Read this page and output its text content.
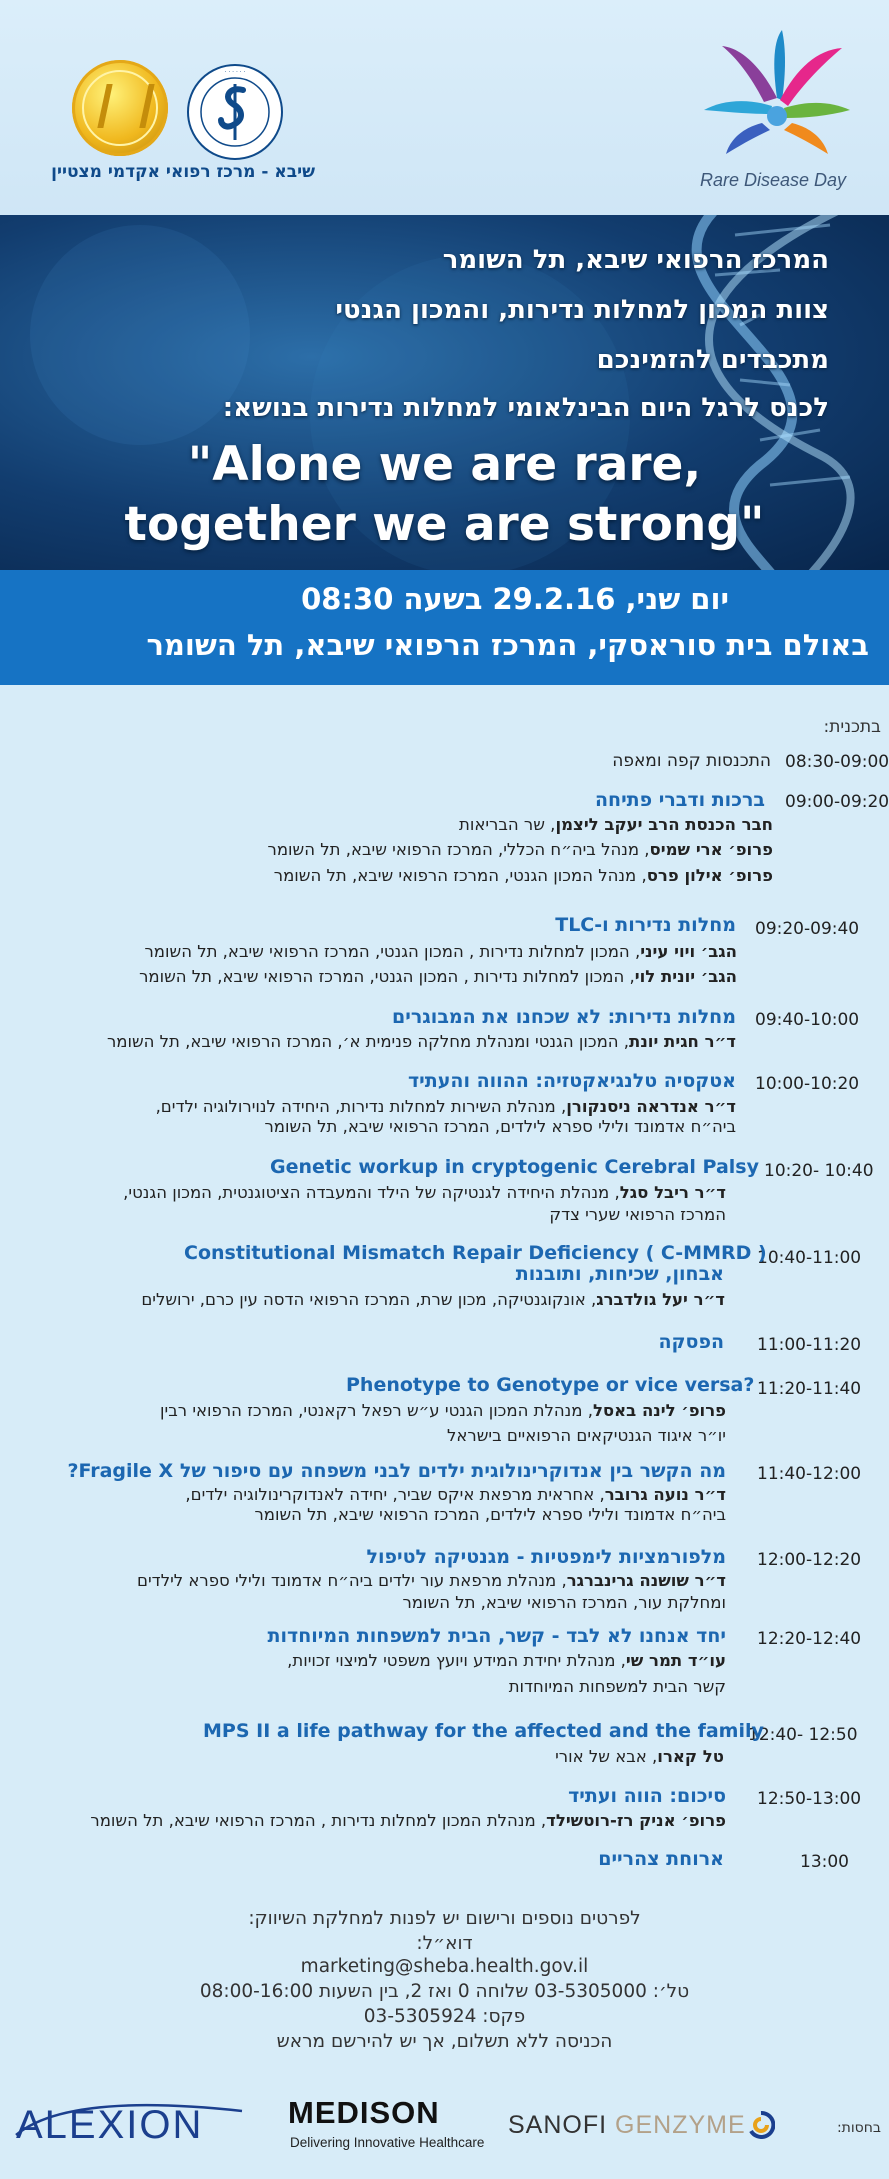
· · · · · ·
שיבא - מרכז רפואי אקדמי מצטיין	Rare Disease Day
המרכז הרפואי שיבא, תל השומר
צוות המכון למחלות נדירות, והמכון הגנטי
מתכבדים להזמינכם
לכנס לרגל היום הבינלאומי למחלות נדירות בנושא:
"Alone we are rare,
together we are strong"
יום שני, 29.2.16 בשעה 08:30
באולם בית סוראסקי, המרכז הרפואי שיבא, תל השומר
בתכנית:
08:30-09:00
התכנסות קפה ומאפה
09:00-09:20
ברכות ודברי פתיחה
חבר הכנסת הרב יעקב ליצמן, שר הבריאות
פרופ׳ ארי שמיס, מנהל ביה״ח הכללי, המרכז הרפואי שיבא, תל השומר
פרופ׳ אילון פרס, מנהל המכון הגנטי, המרכז הרפואי שיבא, תל השומר
09:20-09:40
מחלות נדירות ו-TLC
הגב׳ ויוי עיני, המכון למחלות נדירות , המכון הגנטי, המרכז הרפואי שיבא, תל השומר
הגב׳ יונית לוי, המכון למחלות נדירות , המכון הגנטי, המרכז הרפואי שיבא, תל השומר
09:40-10:00
מחלות נדירות: לא שכחנו את המבוגרים
ד״ר חגית יונת, המכון הגנטי ומנהלת מחלקה פנימית א׳, המרכז הרפואי שיבא, תל השומר
10:00-10:20
אטקסיה טלנגיאקטזיה: ההווה והעתיד
ד״ר אנדראה ניסנקורן, מנהלת השירות למחלות נדירות, היחידה לנוירולוגיה ילדים,
ביה״ח אדמונד ולילי ספרא לילדים, המרכז הרפואי שיבא, תל השומר
10:20- 10:40
Genetic workup in cryptogenic Cerebral Palsy
ד״ר ריבל סגל, מנהלת היחידה לגנטיקה של הילד והמעבדה הציטוגנטית, המכון הגנטי,
המרכז הרפואי שערי צדק
10:40-11:00
Constitutional Mismatch Repair Deficiency ( C-MMRD )
אבחון, שכיחות, ותובנות
ד״ר יעל גולדברג, אונקוגנטיקה, מכון שרת, המרכז הרפואי הדסה עין כרם, ירושלים
11:00-11:20
הפסקה
11:20-11:40
Phenotype to Genotype or vice versa?
פרופ׳ לינה באסל, מנהלת המכון הגנטי ע״ש רפאל רקאנטי, המרכז הרפואי רבין
יו״ר איגוד הגנטיקאים הרפואיים בישראל
11:40-12:00
מה הקשר בין אנדוקרינולוגית ילדים לבני משפחה עם סיפור של Fragile X?
ד״ר נועה גרובר, אחראית מרפאת איקס שביר, יחידה לאנדוקרינולוגיה ילדים,
ביה״ח אדמונד ולילי ספרא לילדים, המרכז הרפואי שיבא, תל השומר
12:00-12:20
מלפורמציות לימפטיות - מגנטיקה לטיפול
ד״ר שושנה גרינברגר, מנהלת מרפאת עור ילדים ביה״ח אדמונד ולילי ספרא לילדים
ומחלקת עור, המרכז הרפואי שיבא, תל השומר
12:20-12:40
יחד אנחנו לא לבד - קשר, הבית למשפחות המיוחדות
עו״ד תמר שי, מנהלת יחידת המידע ויועץ משפטי למיצוי זכויות,
קשר הבית למשפחות המיוחדות
12:40- 12:50
MPS II a life pathway for the affected and the family
טל קארו, אבא של אורי
12:50-13:00
סיכום: הווה ועתיד
פרופ׳ אניק רז-רוטשילד, מנהלת המכון למחלות נדירות , המרכז הרפואי שיבא, תל השומר
13:00
ארוחת צהריים
לפרטים נוספים ורישום יש לפנות למחלקת השיווק:
דוא״ל:
marketing@sheba.health.gov.il
טל׳: 03-5305000 שלוחה 0 ואז 2, בין השעות 08:00-16:00
פקס: 03-5305924
הכניסה ללא תשלום, אך יש להירשם מראש
ALEXION	MEDISON
Delivering Innovative Healthcare
SANOFI GENZYME	בחסות:
